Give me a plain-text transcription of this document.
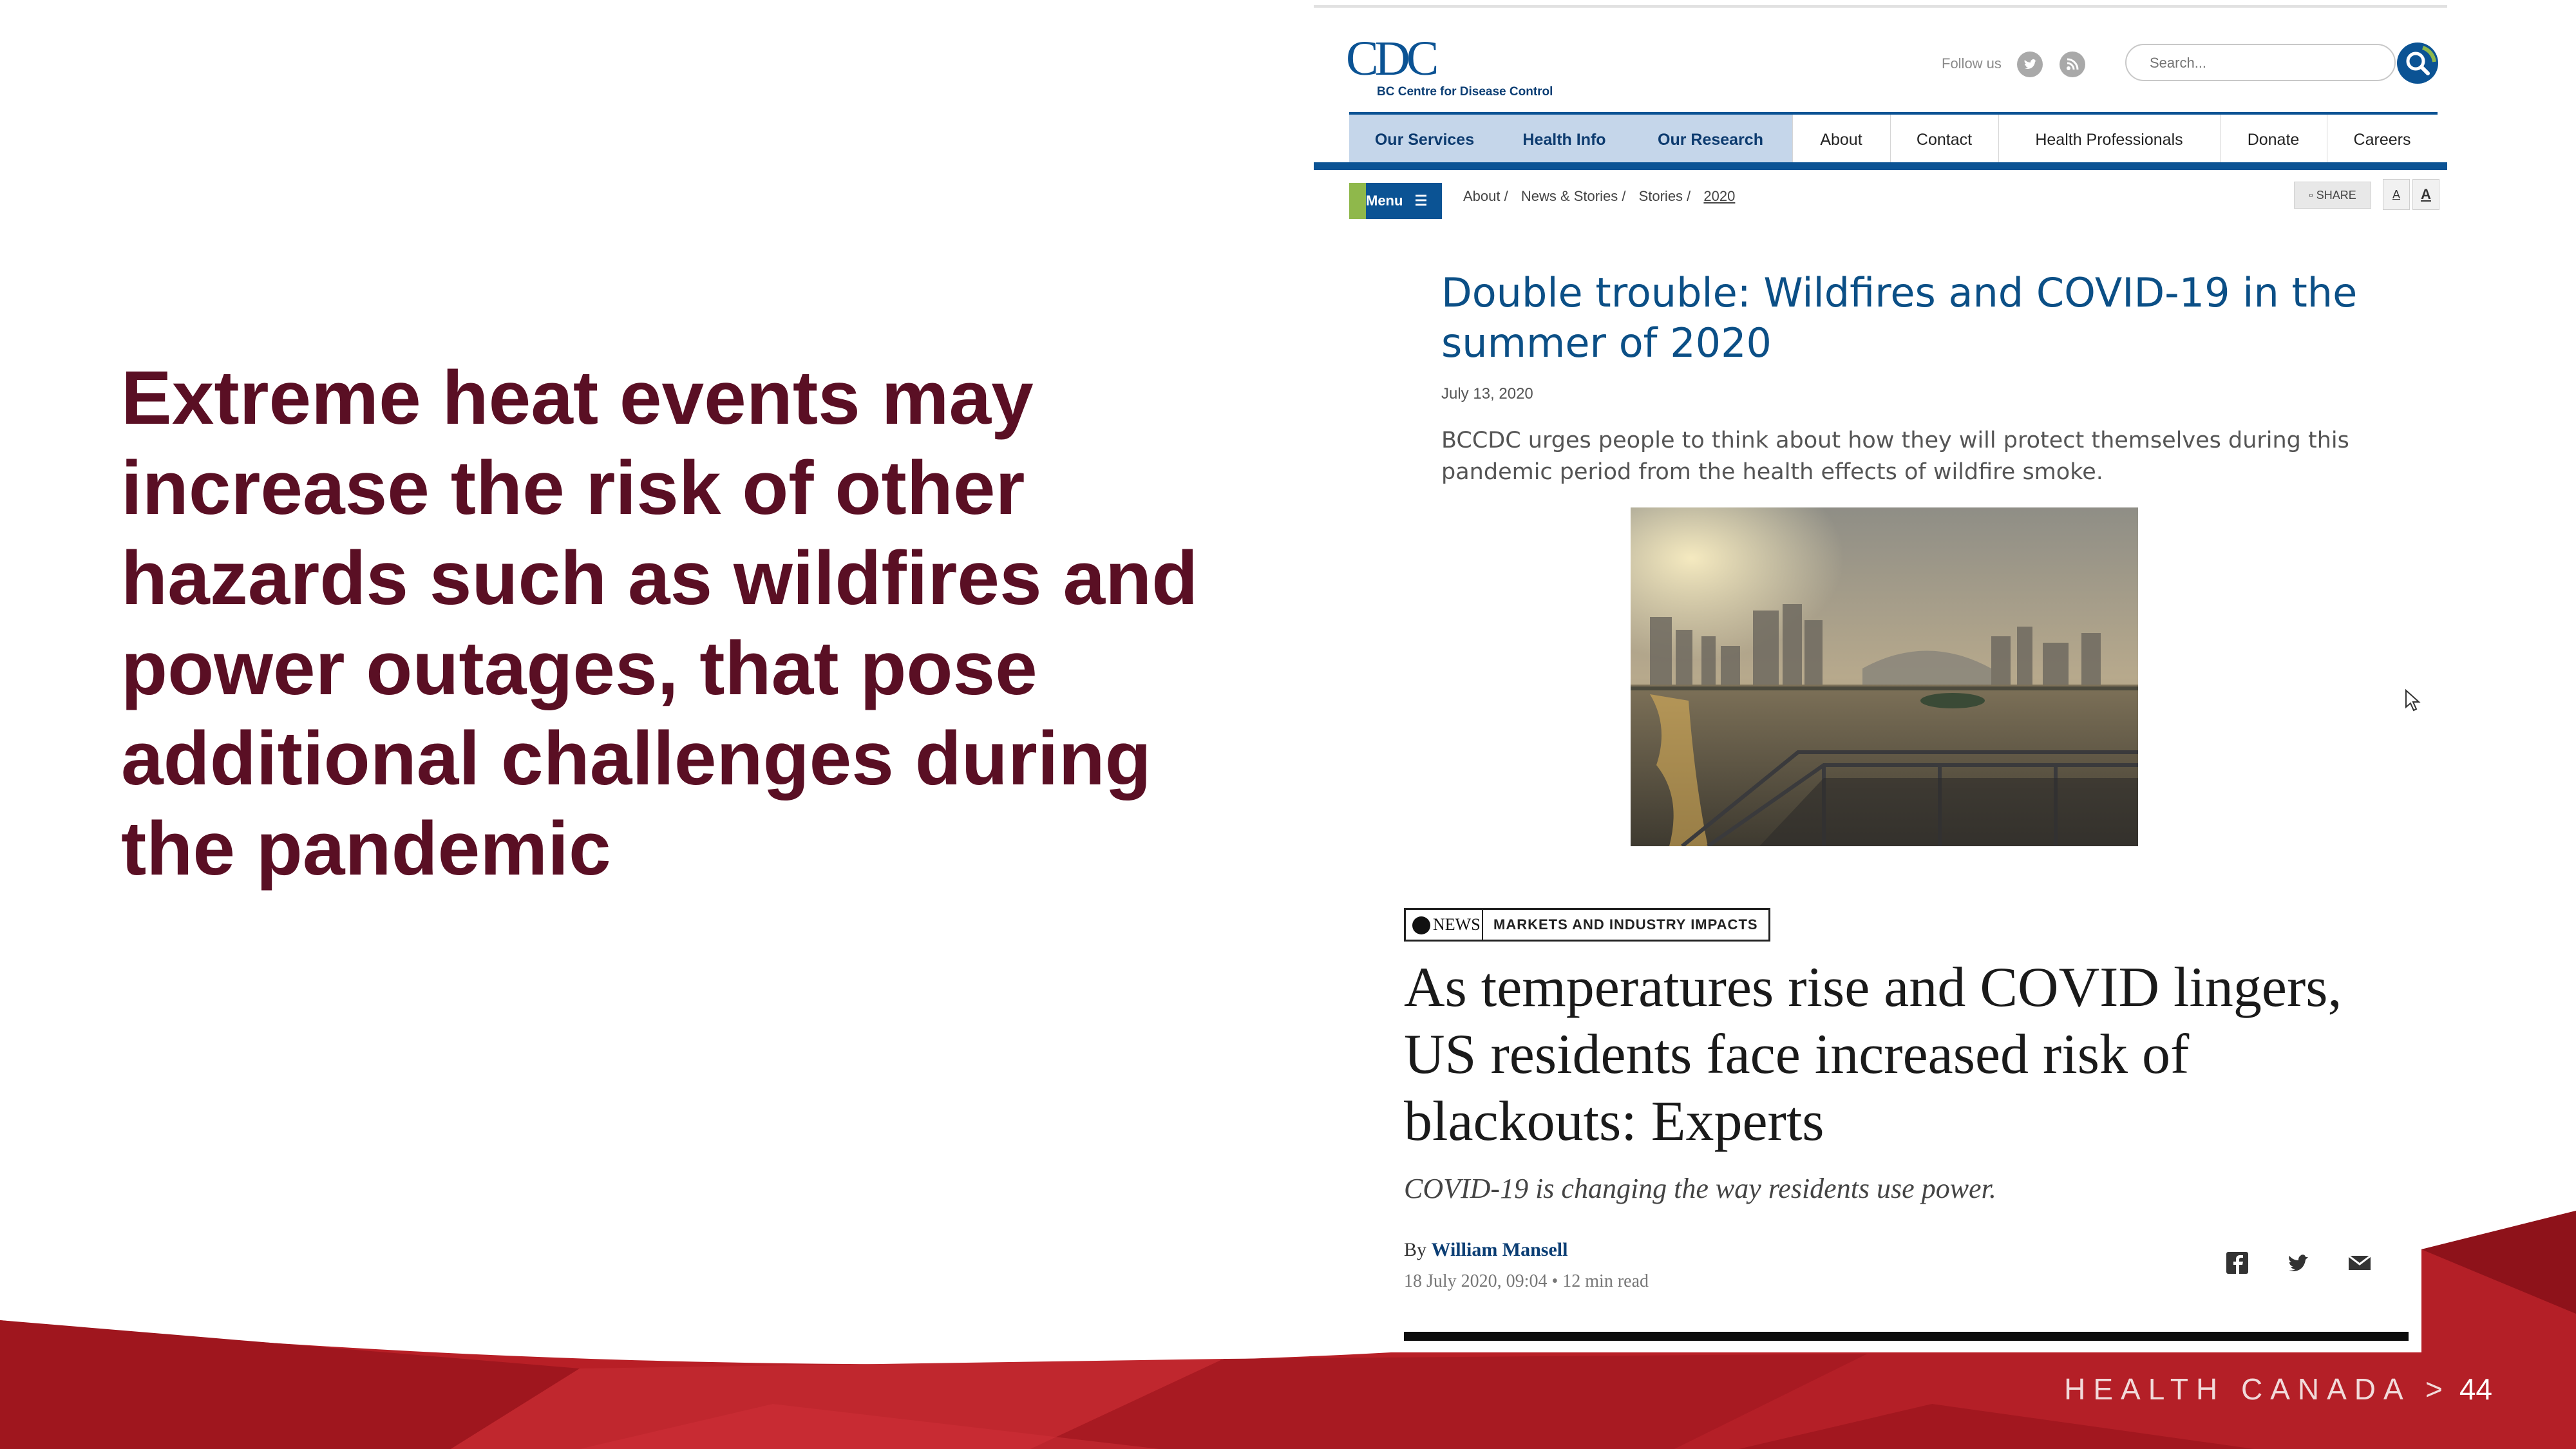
Extreme heat events may increase the risk of other hazards such as wildfires and power outages, that pose additional challenges during the pandemic
HEALTH CANADA > 44
CDC
BC Centre for Disease Control
Follow us
Search...
Our Services	Health Info	Our Research	About	Contact	Health Professionals	Donate	Careers
Menu ☰	About / News & Stories / Stories / 2020	▫ SHARE	A	A
Double trouble: Wildfires and COVID-19 in the summer of 2020
July 13, 2020
BCCDC urges people to think about how they will protect themselves during this pandemic period from the health effects of wildfire smoke.
NEWS MARKETS AND INDUSTRY IMPACTS
As temperatures rise and COVID lingers, US residents face increased risk of blackouts: Experts
COVID-19 is changing the way residents use power.
By William Mansell
18 July 2020, 09:04 • 12 min read
